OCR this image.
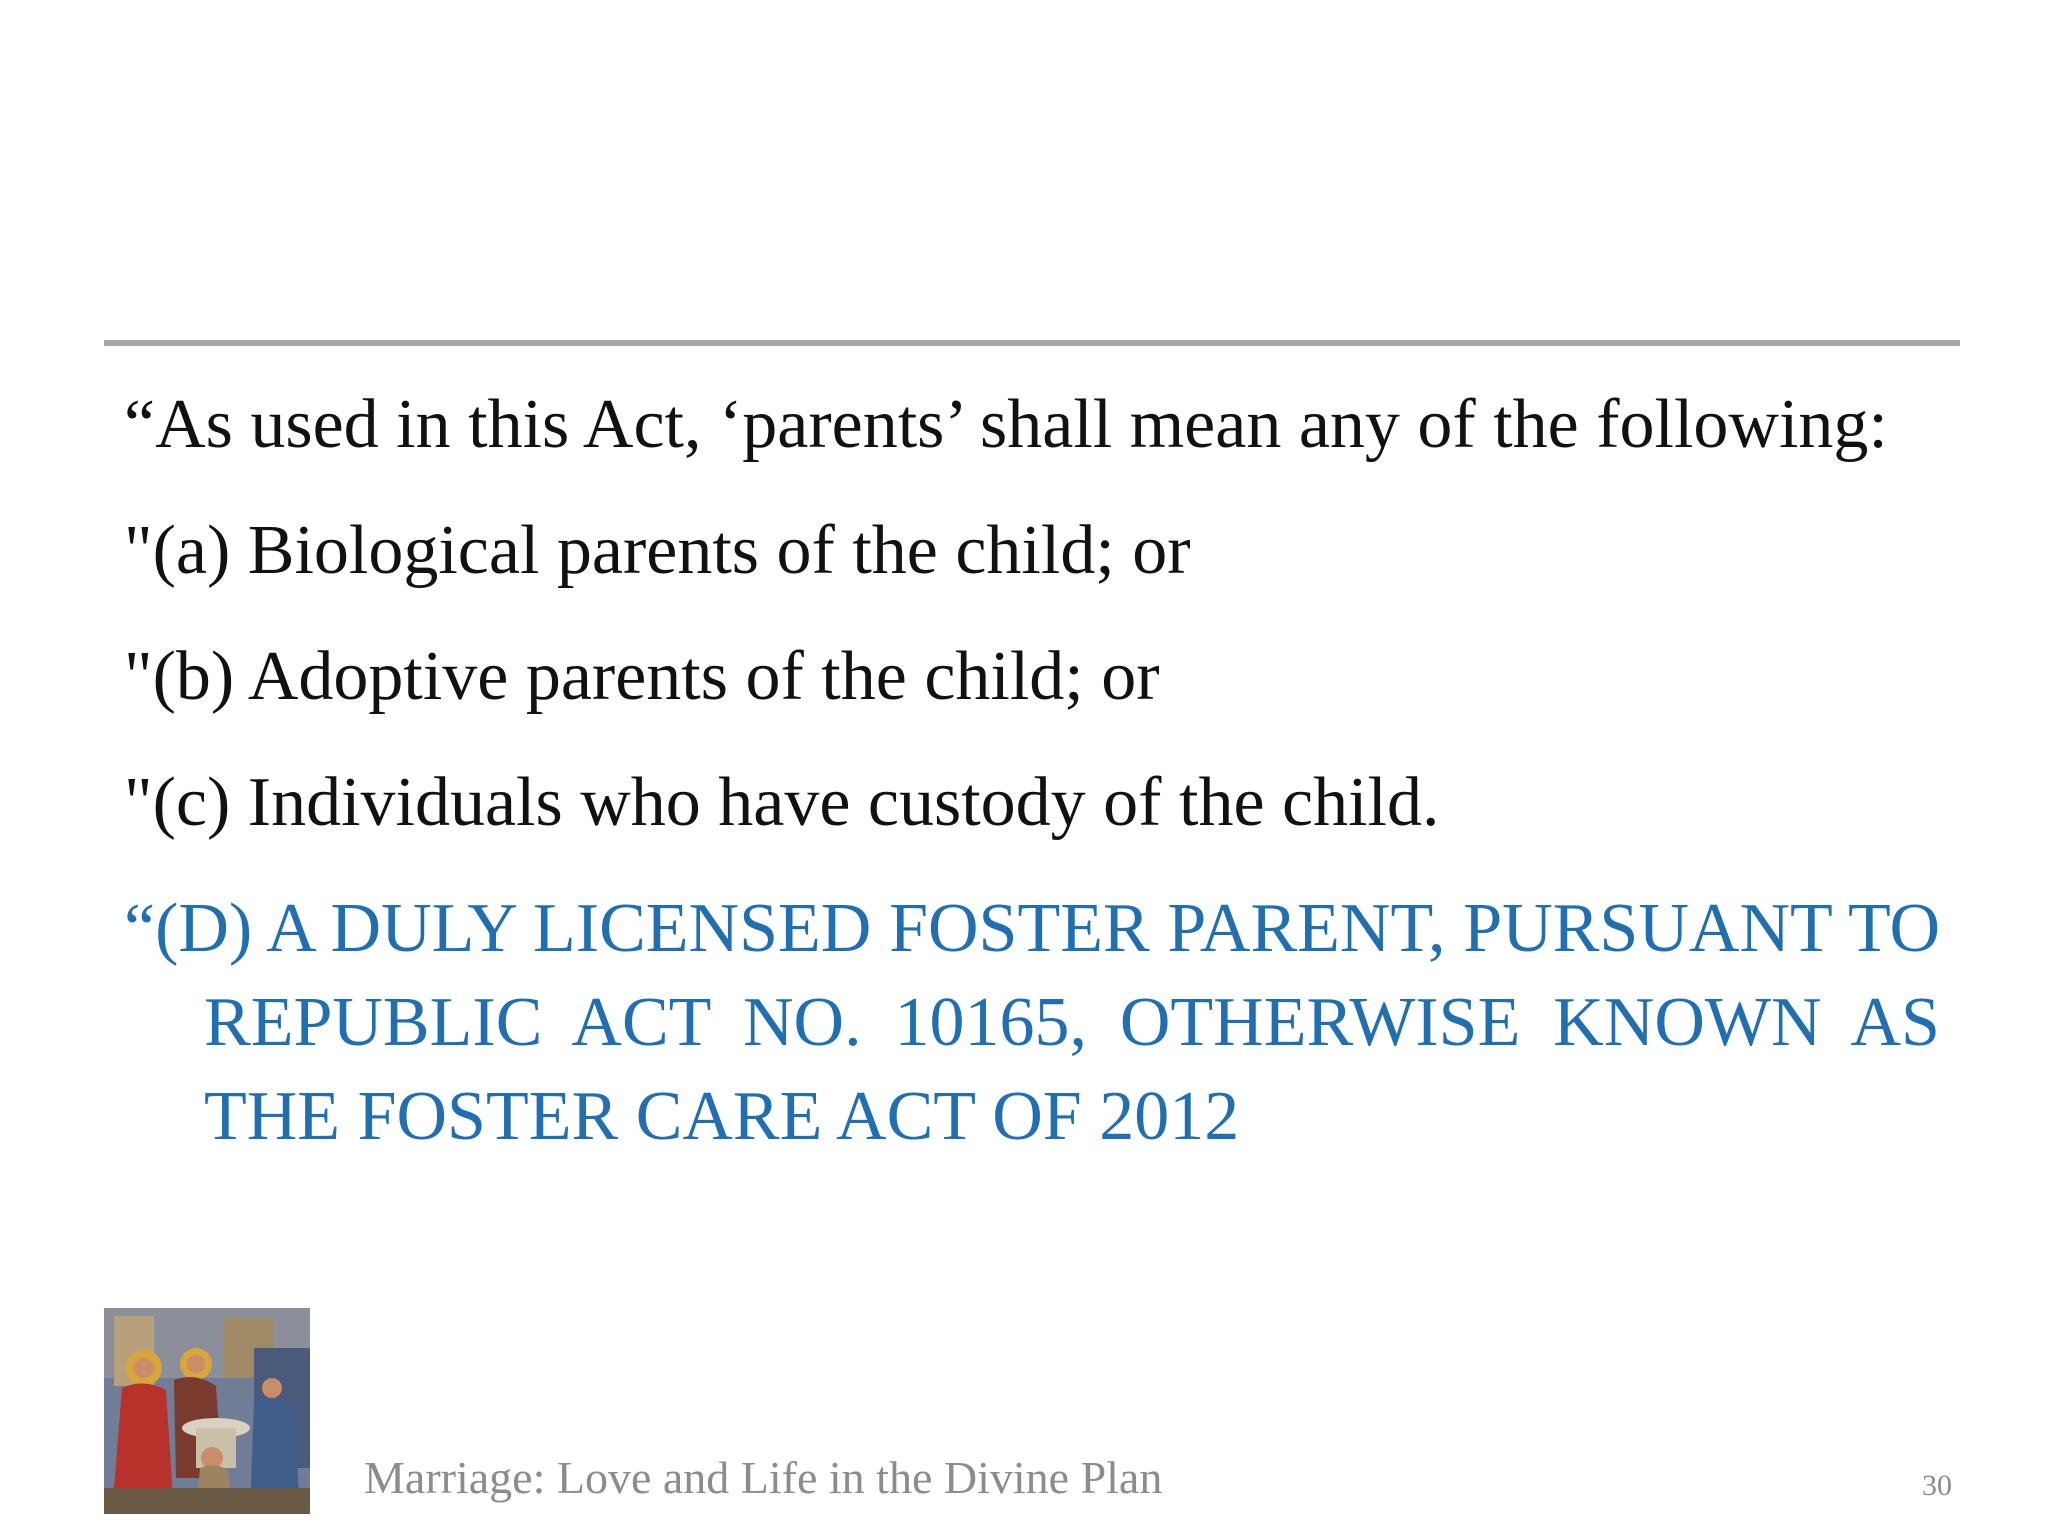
“As used in this Act, ‘parents’ shall mean any of the following:

"(a) Biological parents of the child; or

"(b) Adoptive parents of the child; or

"(c) Individuals who have custody of the child.

“(D) A DULY LICENSED FOSTER PARENT, PURSUANT TO REPUBLIC ACT NO. 10165, OTHERWISE KNOWN AS THE FOSTER CARE ACT OF 2012

Marriage: Love and Life in the Divine Plan	30
